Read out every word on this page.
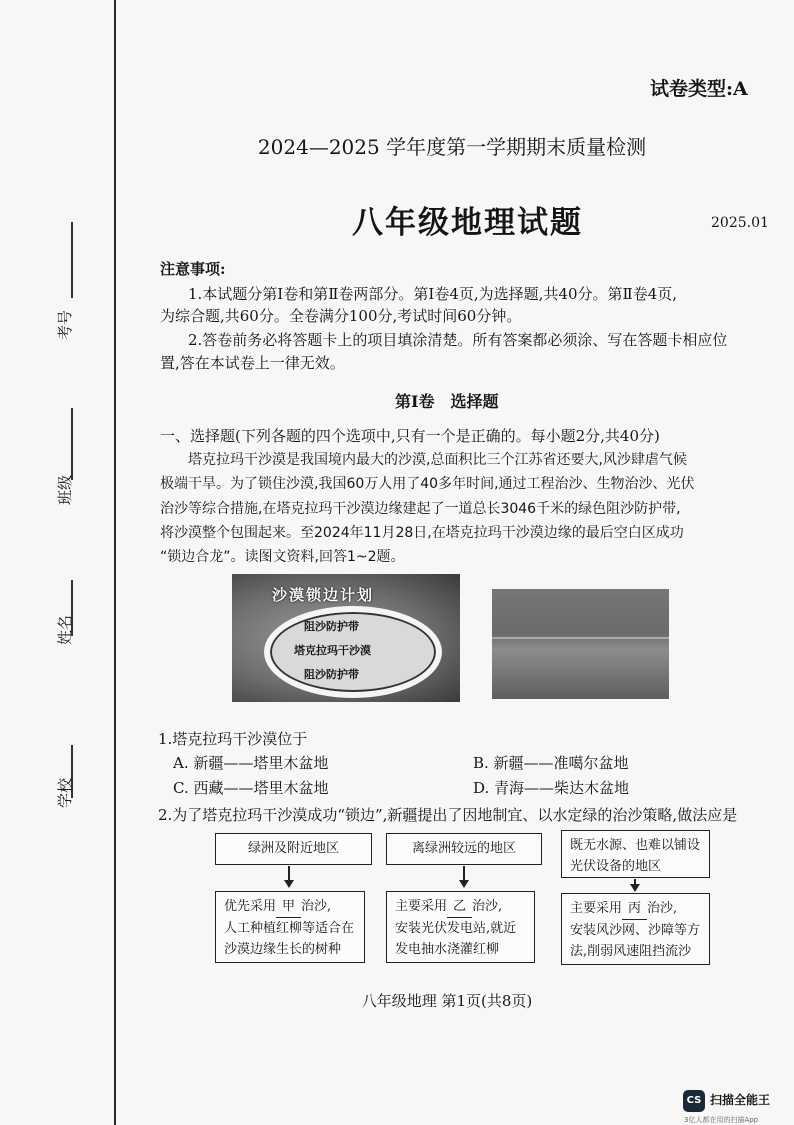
考号
班级
姓名
学校
试卷类型:A
2024—2025 学年度第一学期期末质量检测
八年级地理试题	2025.01
注意事项:
1.本试题分第Ⅰ卷和第Ⅱ卷两部分。第Ⅰ卷4页,为选择题,共40分。第Ⅱ卷4页,
为综合题,共60分。全卷满分100分,考试时间60分钟。
2.答卷前务必将答题卡上的项目填涂清楚。所有答案都必须涂、写在答题卡相应位
置,答在本试卷上一律无效。
第Ⅰ卷　选择题
一、选择题(下列各题的四个选项中,只有一个是正确的。每小题2分,共40分)
塔克拉玛干沙漠是我国境内最大的沙漠,总面积比三个江苏省还要大,风沙肆虐气候
极端干旱。为了锁住沙漠,我国60万人用了40多年时间,通过工程治沙、生物治沙、光伏
治沙等综合措施,在塔克拉玛干沙漠边缘建起了一道总长3046千米的绿色阻沙防护带,
将沙漠整个包围起来。至2024年11月28日,在塔克拉玛干沙漠边缘的最后空白区成功
“锁边合龙”。读图文资料,回答1~2题。
沙漠锁边计划
阻沙防护带
塔克拉玛干沙漠
阻沙防护带
1.塔克拉玛干沙漠位于
A. 新疆——塔里木盆地	B. 新疆——准噶尔盆地
C. 西藏——塔里木盆地	D. 青海——柴达木盆地
2.为了塔克拉玛干沙漠成功“锁边”,新疆提出了因地制宜、以水定绿的治沙策略,做法应是
绿洲及附近地区	离绿洲较远的地区	既无水源、也难以铺设
光伏设备的地区
优先采用 甲 治沙,
人工种植红柳等适合在
沙漠边缘生长的树种
主要采用 乙 治沙,
安装光伏发电站,就近
发电抽水浇灌红柳
主要采用 丙 治沙,
安装风沙网、沙障等方
法,削弱风速阻挡流沙
八年级地理 第1页(共8页)
CS 扫描全能王
3亿人都在用的扫描App
